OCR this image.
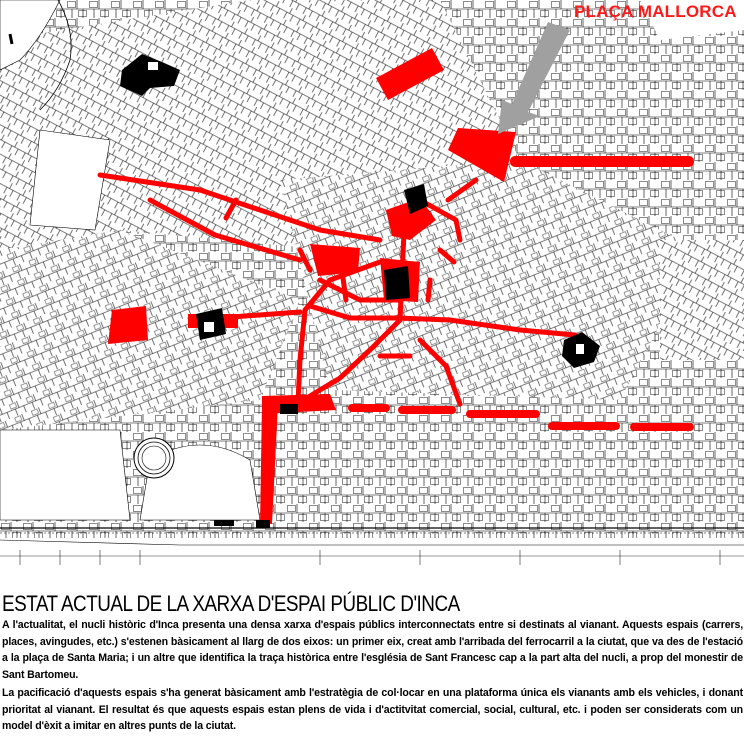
PLAÇA MALLORCA
ESTAT ACTUAL DE LA XARXA D'ESPAI PÚBLIC D'INCA

A l'actualitat, el nucli històric d'Inca presenta una densa xarxa d'espais públics interconnectats entre si destinats al vianant. Aquests espais (carrers, places, avingudes, etc.) s'estenen bàsicament al llarg de dos eixos: un primer eix, creat amb l'arribada del ferrocarril a la ciutat, que va des de l'estació a la plaça de Santa Maria; i un altre que identifica la traça històrica entre l'església de Sant Francesc cap a la part alta del nucli, a prop del monestir de Sant Bartomeu.

La pacificació d'aquests espais s'ha generat bàsicament amb l'estratègia de col·locar en una plataforma única els vianants amb els vehicles, i donant prioritat al vianant. El resultat és que aquests espais estan plens de vida i d'actitvitat comercial, social, cultural, etc. i poden ser considerats com un model d'èxit a imitar en altres punts de la ciutat.
